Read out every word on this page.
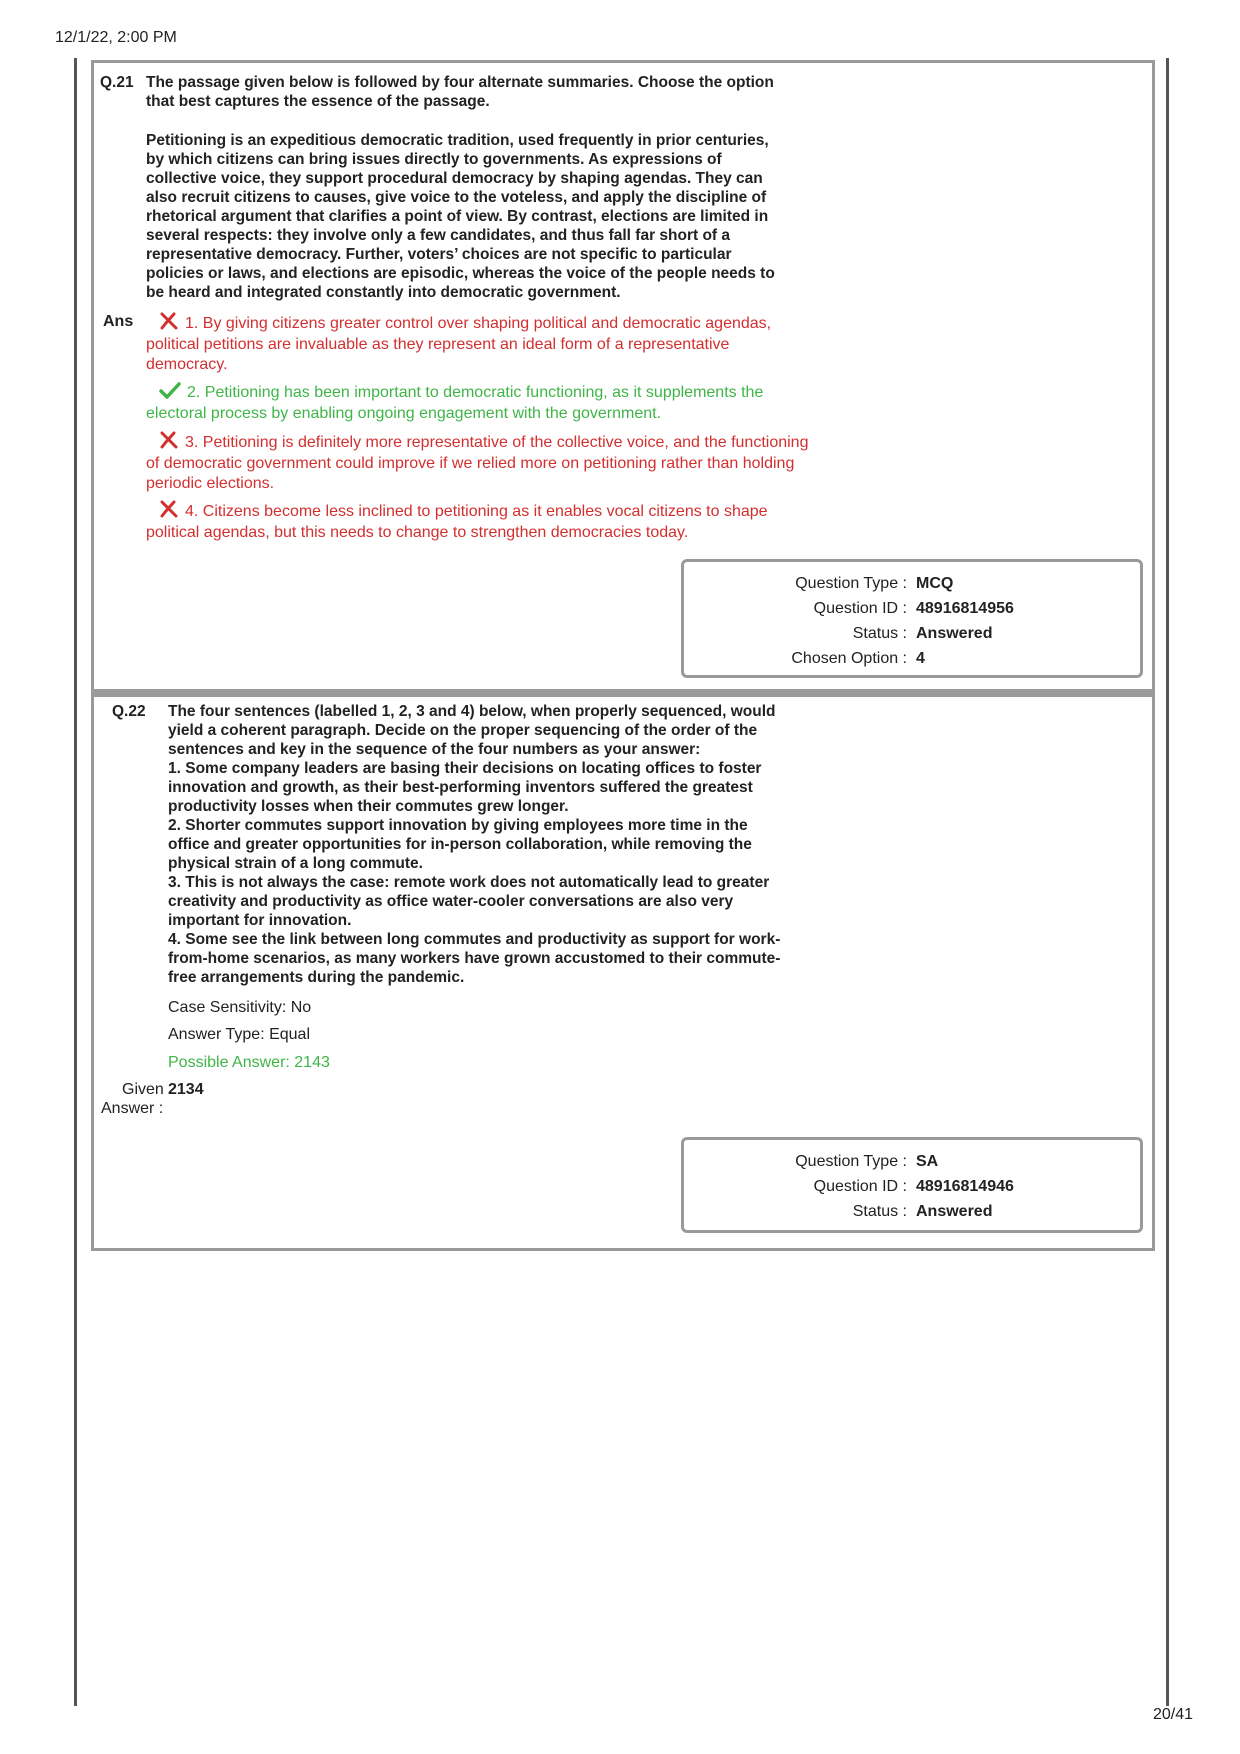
12/1/22, 2:00 PM
Q.21 The passage given below is followed by four alternate summaries. Choose the option
that best captures the essence of the passage.
Petitioning is an expeditious democratic tradition, used frequently in prior centuries,
by which citizens can bring issues directly to governments. As expressions of
collective voice, they support procedural democracy by shaping agendas. They can
also recruit citizens to causes, give voice to the voteless, and apply the discipline of
rhetorical argument that clarifies a point of view. By contrast, elections are limited in
several respects: they involve only a few candidates, and thus fall far short of a
representative democracy. Further, voters’ choices are not specific to particular
policies or laws, and elections are episodic, whereas the voice of the people needs to
be heard and integrated constantly into democratic government.
Ans	1. By giving citizens greater control over shaping political and democratic agendas,
political petitions are invaluable as they represent an ideal form of a representative
democracy.
2. Petitioning has been important to democratic functioning, as it supplements the
electoral process by enabling ongoing engagement with the government.
3. Petitioning is definitely more representative of the collective voice, and the functioning
of democratic government could improve if we relied more on petitioning rather than holding
periodic elections.
4. Citizens become less inclined to petitioning as it enables vocal citizens to shape
political agendas, but this needs to change to strengthen democracies today.
Question Type : MCQ
Question ID : 48916814956
Status : Answered
Chosen Option : 4
Q.22 The four sentences (labelled 1, 2, 3 and 4) below, when properly sequenced, would
yield a coherent paragraph. Decide on the proper sequencing of the order of the
sentences and key in the sequence of the four numbers as your answer:
1. Some company leaders are basing their decisions on locating offices to foster
innovation and growth, as their best-performing inventors suffered the greatest
productivity losses when their commutes grew longer.
2. Shorter commutes support innovation by giving employees more time in the
office and greater opportunities for in-person collaboration, while removing the
physical strain of a long commute.
3. This is not always the case: remote work does not automatically lead to greater
creativity and productivity as office water-cooler conversations are also very
important for innovation.
4. Some see the link between long commutes and productivity as support for work-
from-home scenarios, as many workers have grown accustomed to their commute-
free arrangements during the pandemic.
Case Sensitivity: No
Answer Type: Equal
Possible Answer: 2143
Given
Answer :
2134
Question Type : SA
Question ID : 48916814946
Status : Answered
20/41
